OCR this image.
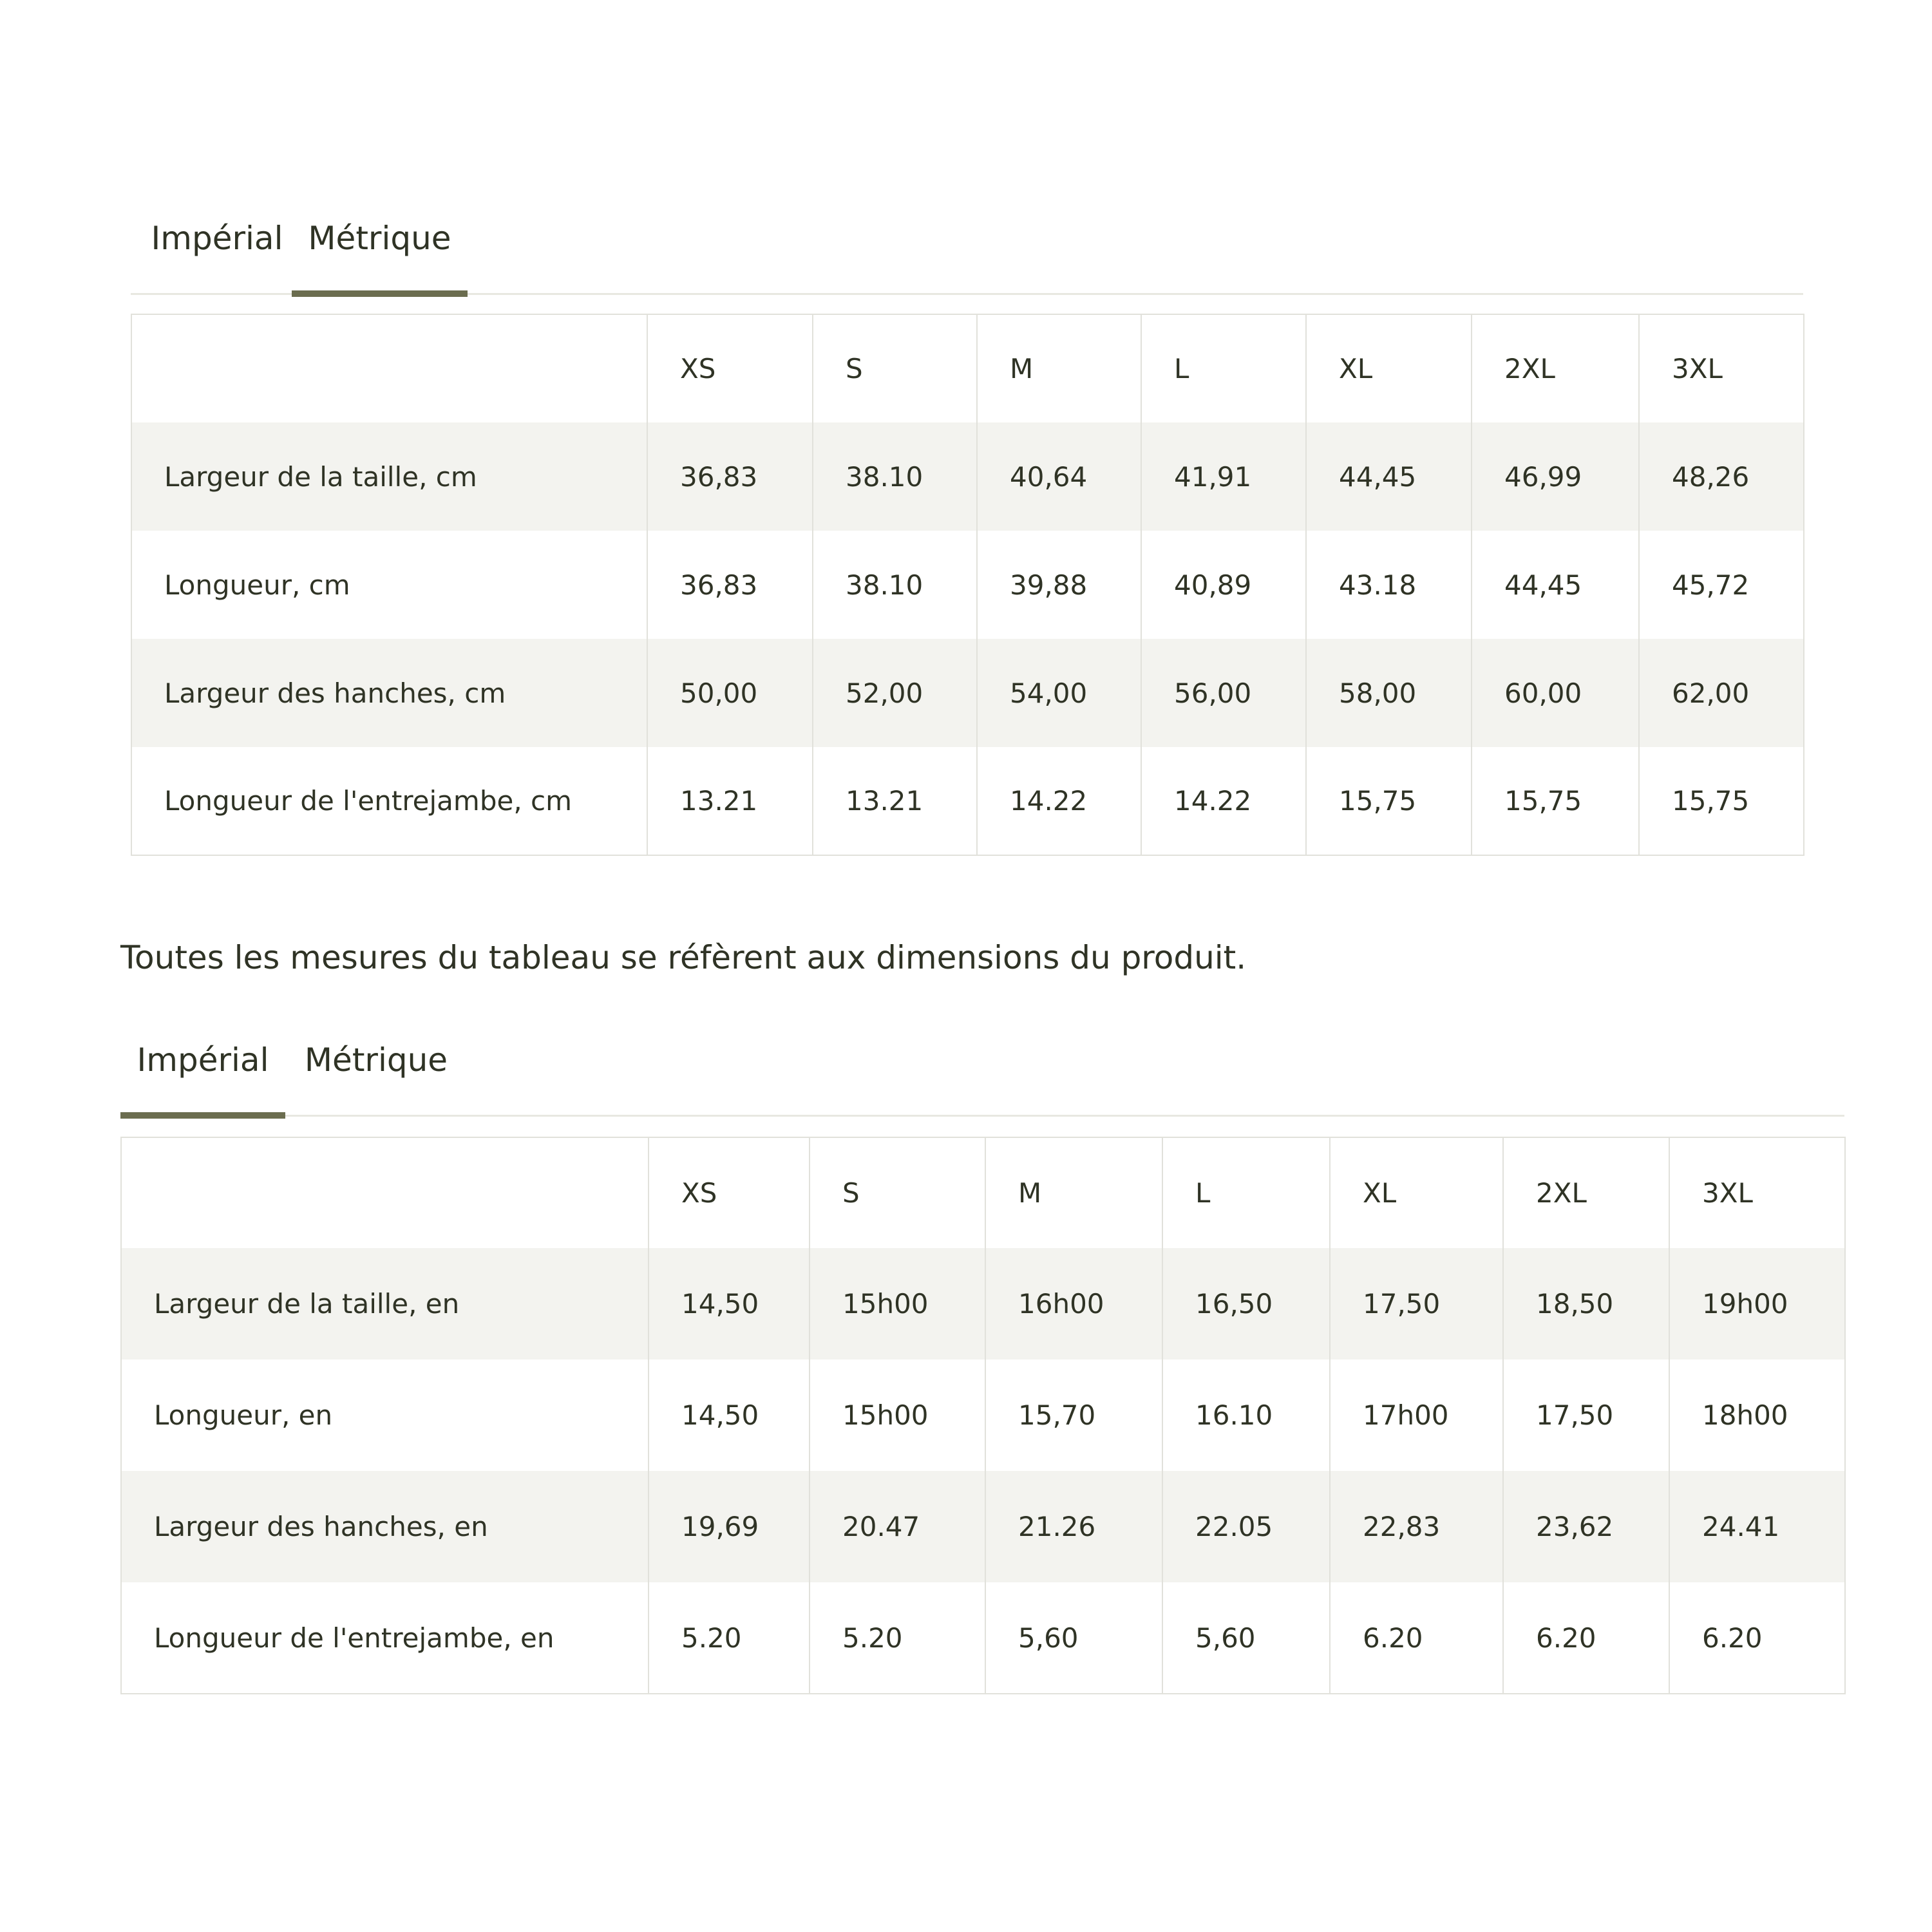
Impérial Métrique
	XS	S	M	L	XL	2XL	3XL
Largeur de la taille, cm	36,83	38.10	40,64	41,91	44,45	46,99	48,26
Longueur, cm	36,83	38.10	39,88	40,89	43.18	44,45	45,72
Largeur des hanches, cm	50,00	52,00	54,00	56,00	58,00	60,00	62,00
Longueur de l'entrejambe, cm	13.21	13.21	14.22	14.22	15,75	15,75	15,75
Toutes les mesures du tableau se réfèrent aux dimensions du produit.
Impérial	Métrique
	XS	S	M	L	XL	2XL	3XL
Largeur de la taille, en	14,50	15h00	16h00	16,50	17,50	18,50	19h00
Longueur, en	14,50	15h00	15,70	16.10	17h00	17,50	18h00
Largeur des hanches, en	19,69	20.47	21.26	22.05	22,83	23,62	24.41
Longueur de l'entrejambe, en	5.20	5.20	5,60	5,60	6.20	6.20	6.20
